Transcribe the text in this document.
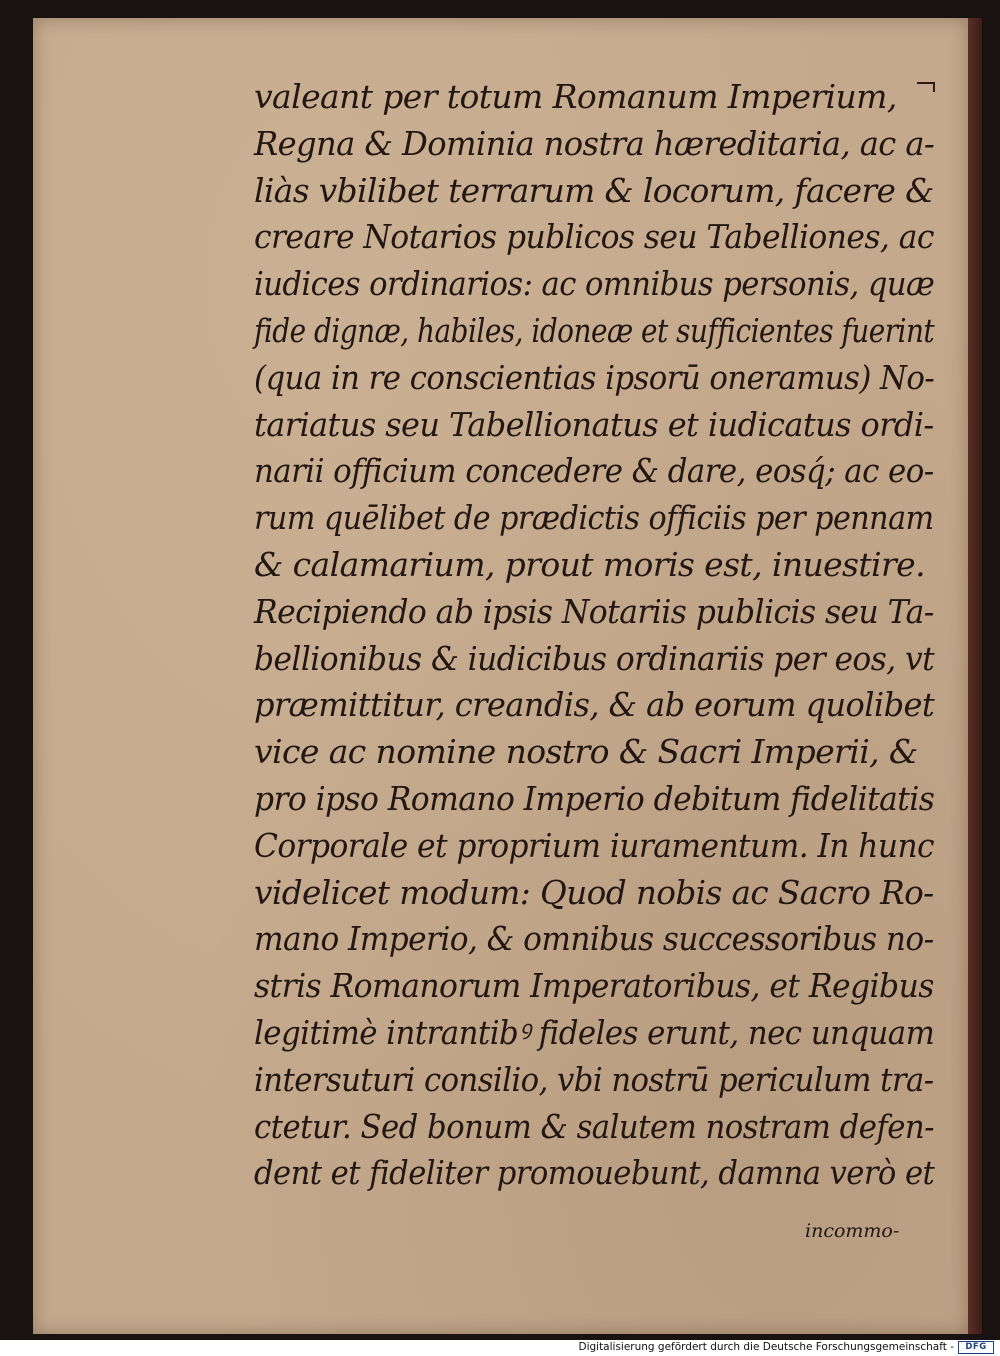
valeant per totum Romanum Imperium,
Regna & Dominia nostra hæreditaria, ac a-
liàs vbilibet terrarum & locorum, facere &
creare Notarios publicos seu Tabelliones, ac
iudices ordinarios: ac omnibus personis, quæ
fide dignæ, habiles, idoneæ et sufficientes fuerint
(qua in re conscientias ipsorū oneramus) No-
tariatus seu Tabellionatus et iudicatus ordi-
narii officium concedere & dare, eosq́; ac eo-
rum quēlibet de prædictis officiis per pennam
& calamarium, prout moris est, inuestire.
Recipiendo ab ipsis Notariis publicis seu Ta-
bellionibus & iudicibus ordinariis per eos, vt
præmittitur, creandis, & ab eorum quolibet
vice ac nomine nostro & Sacri Imperii, &
pro ipso Romano Imperio debitum fidelitatis
Corporale et proprium iuramentum. In hunc
videlicet modum: Quod nobis ac Sacro Ro-
mano Imperio, & omnibus successoribus no-
stris Romanorum Imperatoribus, et Regibus
legitimè intrantibꝰ fideles erunt, nec unquam
intersuturi consilio, vbi nostrū periculum tra-
ctetur. Sed bonum & salutem nostram defen-
dent et fideliter promouebunt, damna verò et
incommo-
Digitalisierung gefördert durch die Deutsche Forschungsgemeinschaft -	DFG
